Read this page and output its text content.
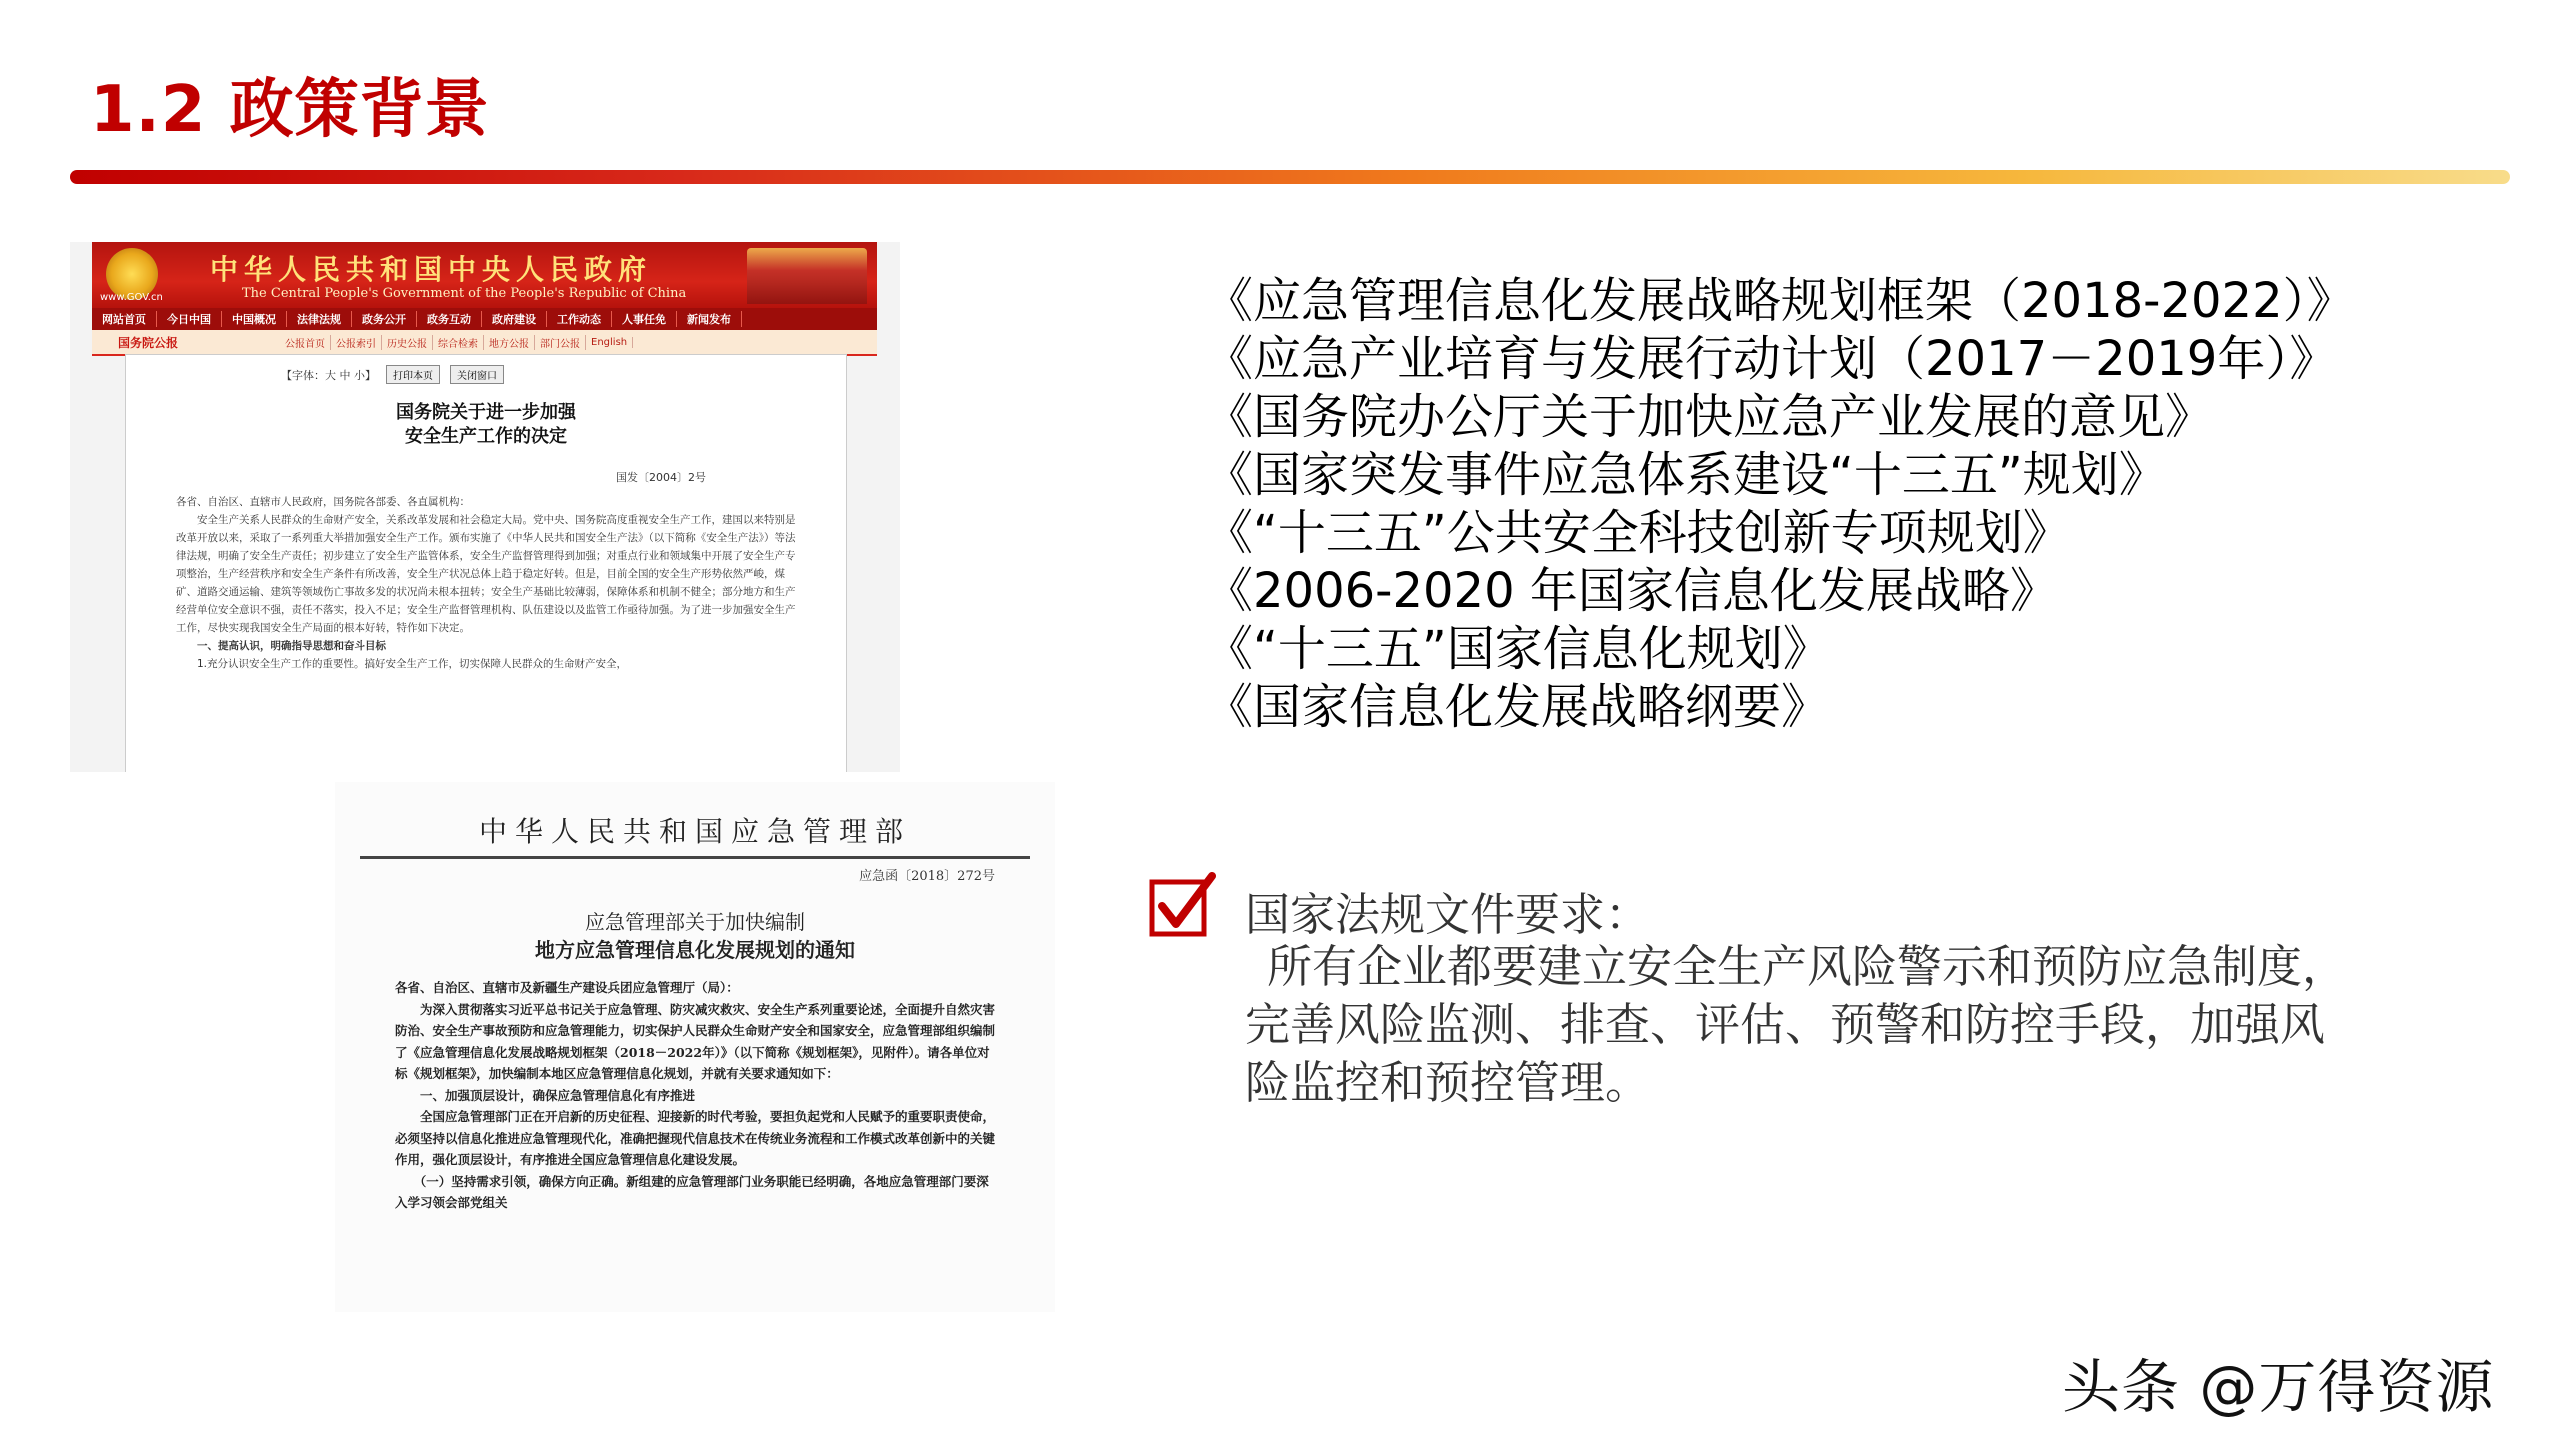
1.2 政策背景
www.GOV.cn
中华人民共和国中央人民政府
The Central People's Government of the People's Republic of China
网站首页	今日中国	中国概况	法律法规	政务公开	政务互动	政府建设	工作动态	人事任免	新闻发布
国务院公报	公报首页	公报索引	历史公报	综合检索	地方公报	部门公报	English
【字体：大 中 小】	打印本页	关闭窗口
国务院关于进一步加强
安全生产工作的决定
国发〔2004〕2号

各省、自治区、直辖市人民政府，国务院各部委、各直属机构：

　　安全生产关系人民群众的生命财产安全，关系改革发展和社会稳定大局。党中央、国务院高度重视安全生产工作，建国以来特别是改革开放以来，采取了一系列重大举措加强安全生产工作。颁布实施了《中华人民共和国安全生产法》（以下简称《安全生产法》）等法律法规，明确了安全生产责任；初步建立了安全生产监管体系，安全生产监督管理得到加强；对重点行业和领域集中开展了安全生产专项整治，生产经营秩序和安全生产条件有所改善，安全生产状况总体上趋于稳定好转。但是，目前全国的安全生产形势依然严峻，煤矿、道路交通运输、建筑等领域伤亡事故多发的状况尚未根本扭转；安全生产基础比较薄弱，保障体系和机制不健全；部分地方和生产经营单位安全意识不强，责任不落实，投入不足；安全生产监督管理机构、队伍建设以及监管工作亟待加强。为了进一步加强安全生产工作，尽快实现我国安全生产局面的根本好转，特作如下决定。

　　一、提高认识，明确指导思想和奋斗目标

　　1.充分认识安全生产工作的重要性。搞好安全生产工作，切实保障人民群众的生命财产安全，

中华人民共和国应急管理部
应急函〔2018〕272号
应急管理部关于加快编制
地方应急管理信息化发展规划的通知

各省、自治区、直辖市及新疆生产建设兵团应急管理厅（局）：

　　为深入贯彻落实习近平总书记关于应急管理、防灾减灾救灾、安全生产系列重要论述，全面提升自然灾害防治、安全生产事故预防和应急管理能力，切实保护人民群众生命财产安全和国家安全，应急管理部组织编制了《应急管理信息化发展战略规划框架（2018－2022年）》（以下简称《规划框架》，见附件）。请各单位对标《规划框架》，加快编制本地区应急管理信息化规划，并就有关要求通知如下：

　　一、加强顶层设计，确保应急管理信息化有序推进

　　全国应急管理部门正在开启新的历史征程、迎接新的时代考验，要担负起党和人民赋予的重要职责使命，必须坚持以信息化推进应急管理现代化，准确把握现代信息技术在传统业务流程和工作模式改革创新中的关键作用，强化顶层设计，有序推进全国应急管理信息化建设发展。

　　（一）坚持需求引领，确保方向正确。新组建的应急管理部门业务职能已经明确，各地应急管理部门要深入学习领会部党组关

《应急管理信息化发展战略规划框架（2018-2022）》
《应急产业培育与发展行动计划（2017－2019年）》
《国务院办公厅关于加快应急产业发展的意见》
《国家突发事件应急体系建设“十三五”规划》
《“十三五”公共安全科技创新专项规划》
《2006-2020 年国家信息化发展战略》
《“十三五”国家信息化规划》
《国家信息化发展战略纲要》
国家法规文件要求：
所有企业都要建立安全生产风险警示和预防应急制度，完善风险监测、排查、评估、预警和防控手段，加强风险监控和预控管理。
头条 @万得资源
